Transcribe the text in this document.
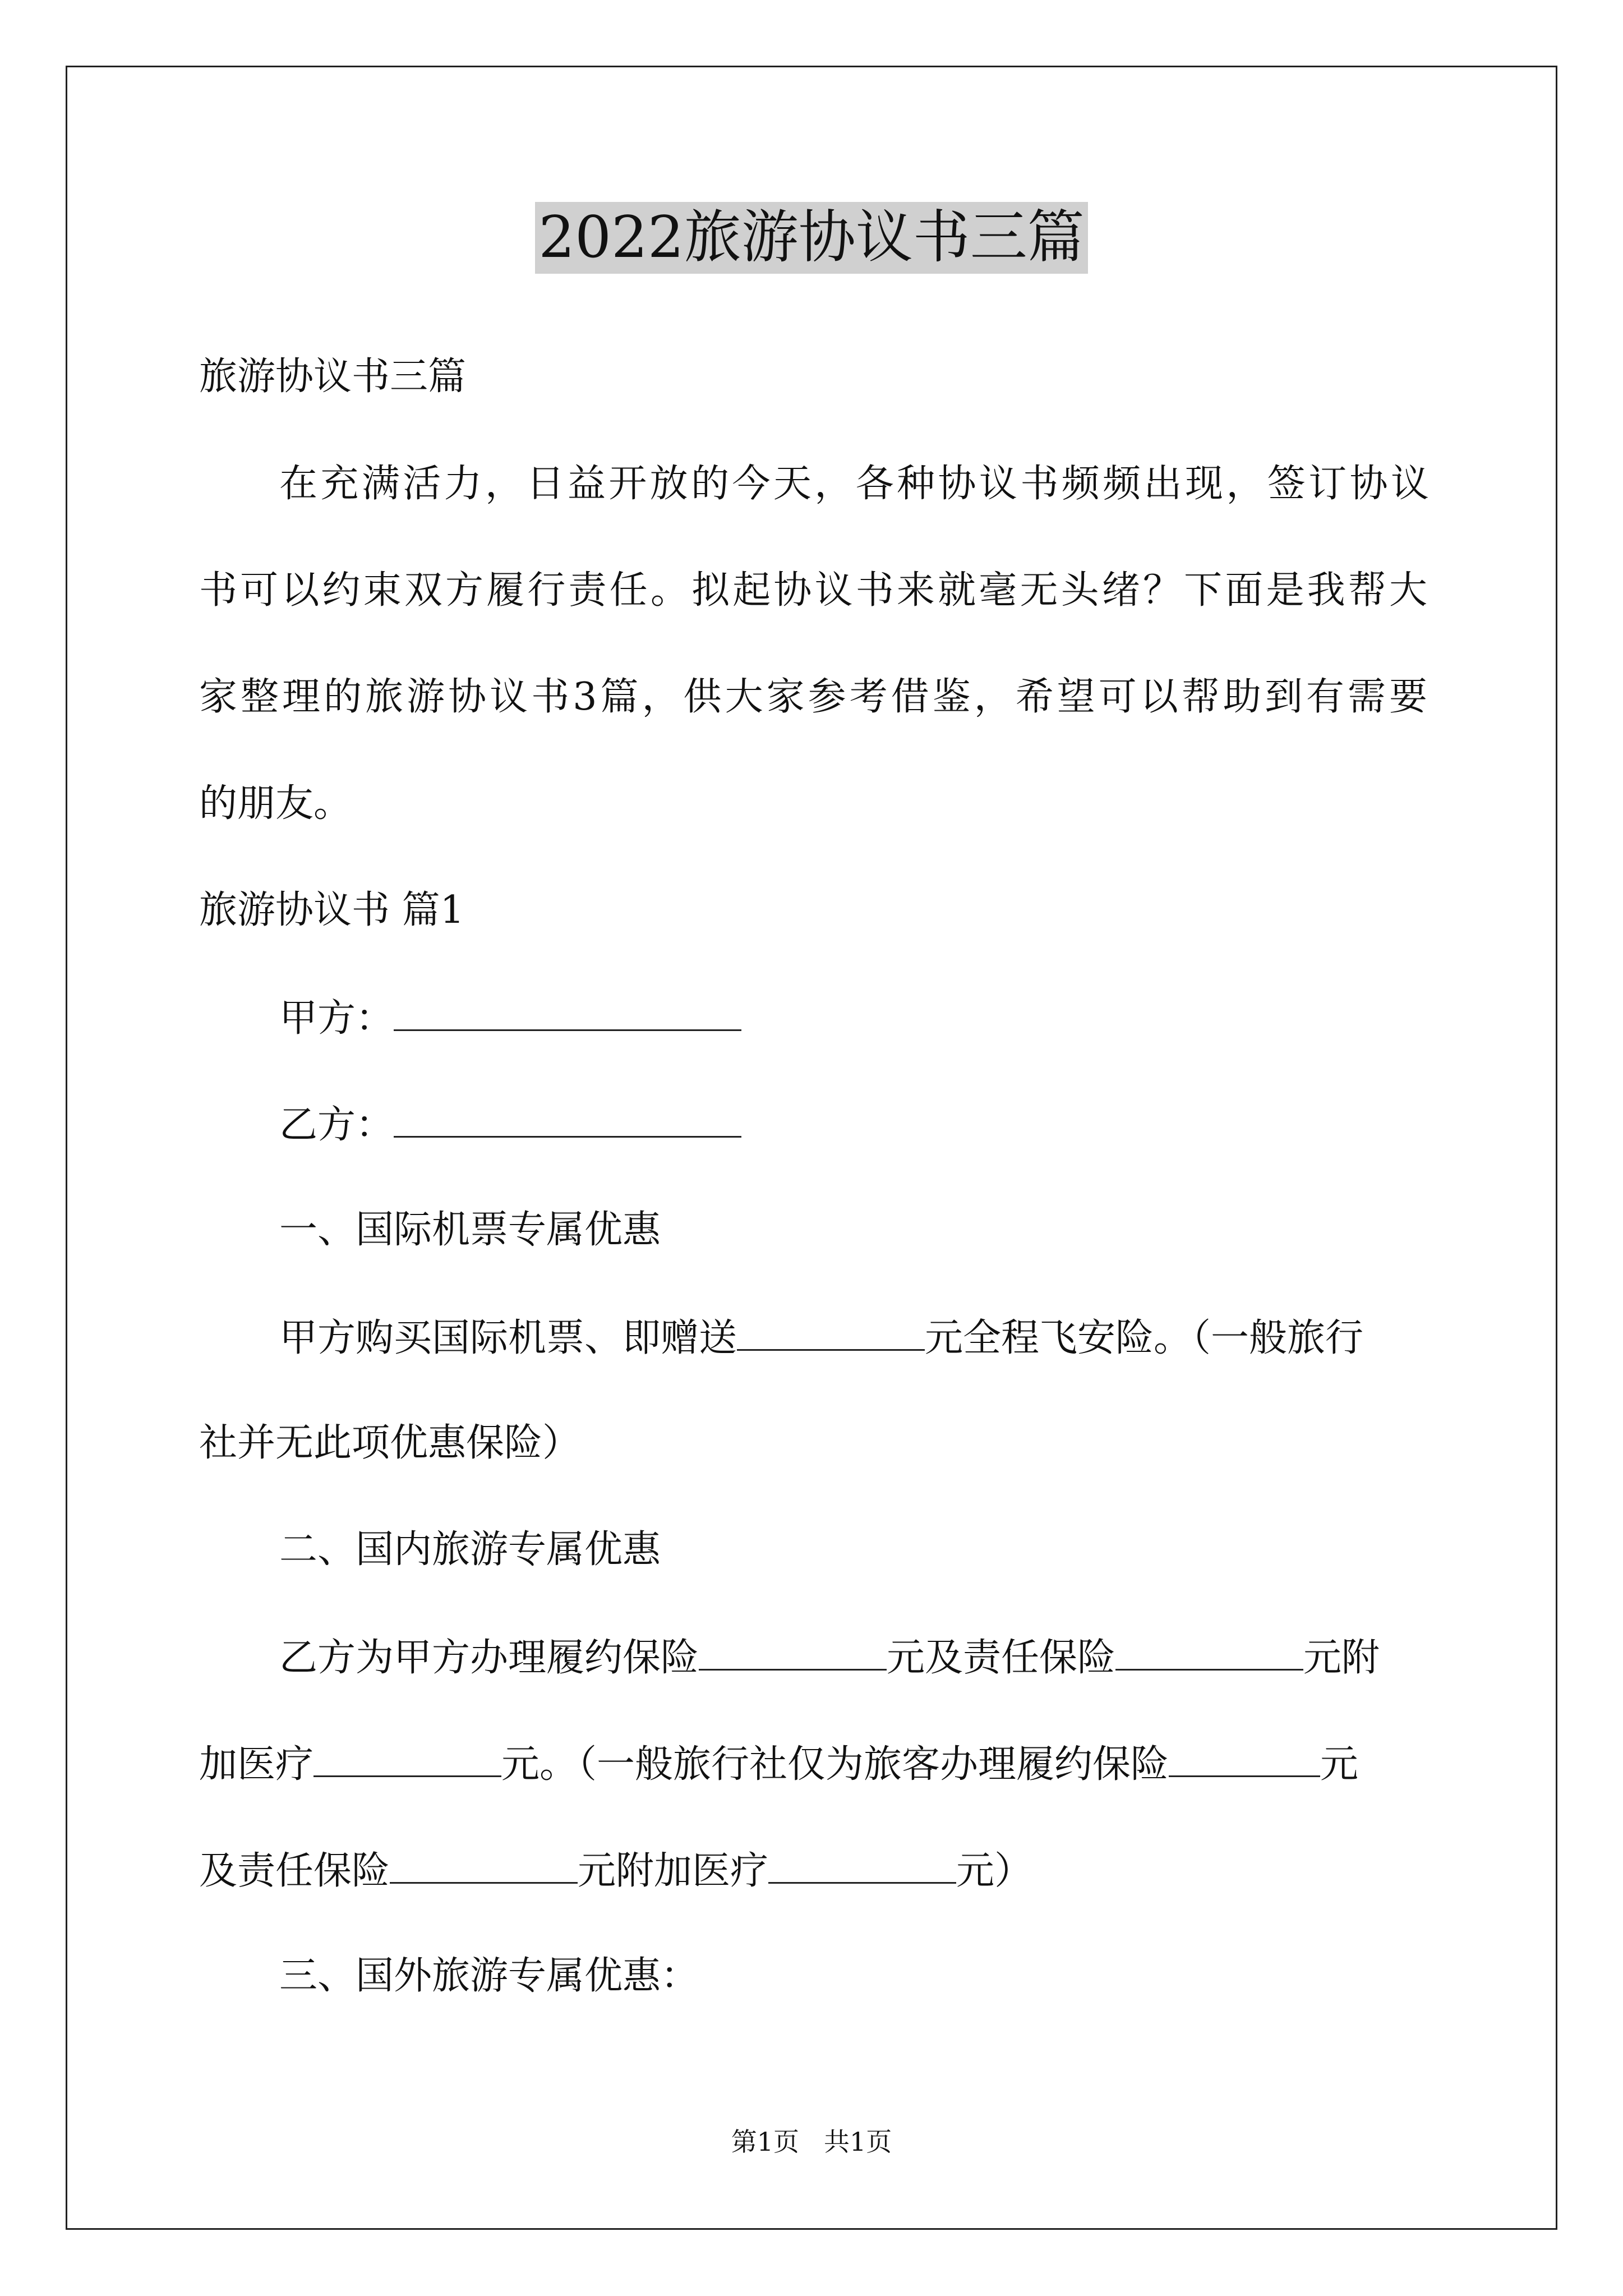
2022旅游协议书三篇
旅游协议书三篇
在充满活力，日益开放的今天，各种协议书频频出现，签订协议
书可以约束双方履行责任。拟起协议书来就毫无头绪？下面是我帮大
家整理的旅游协议书3篇，供大家参考借鉴，希望可以帮助到有需要
的朋友。
旅游协议书 篇1
甲方：
乙方：
一、国际机票专属优惠
甲方购买国际机票、即赠送	元全程飞安险。（一般旅行
社并无此项优惠保险）
二、国内旅游专属优惠
乙方为甲方办理履约保险	元及责任保险	元附
加医疗	元。（一般旅行社仅为旅客办理履约保险	元
及责任保险	元附加医疗	元）
三、国外旅游专属优惠：
第1页 共1页
